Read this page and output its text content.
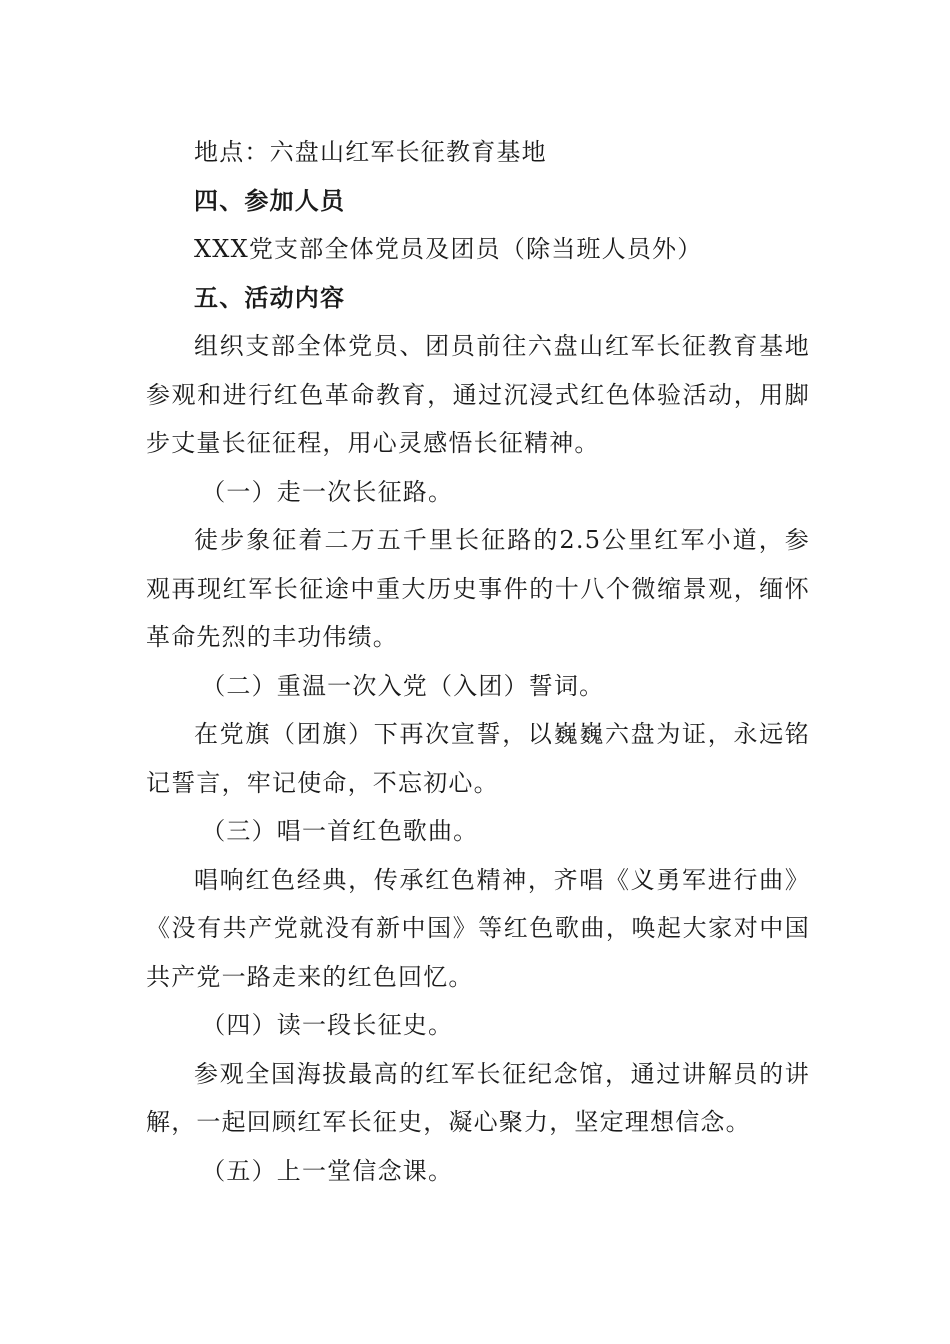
地点：六盘山红军长征教育基地

四、参加人员

XXX党支部全体党员及团员（除当班人员外）

五、活动内容

组织支部全体党员、团员前往六盘山红军长征教育基地参观和进行红色革命教育，通过沉浸式红色体验活动，用脚步丈量长征征程，用心灵感悟长征精神。

（一）走一次长征路。

徒步象征着二万五千里长征路的2.5公里红军小道，参观再现红军长征途中重大历史事件的十八个微缩景观，缅怀革命先烈的丰功伟绩。

（二）重温一次入党（入团）誓词。

在党旗（团旗）下再次宣誓，以巍巍六盘为证，永远铭记誓言，牢记使命，不忘初心。

（三）唱一首红色歌曲。

唱响红色经典，传承红色精神，齐唱《义勇军进行曲》《没有共产党就没有新中国》等红色歌曲，唤起大家对中国共产党一路走来的红色回忆。

（四）读一段长征史。

参观全国海拔最高的红军长征纪念馆，通过讲解员的讲解，一起回顾红军长征史，凝心聚力，坚定理想信念。

（五）上一堂信念课。
